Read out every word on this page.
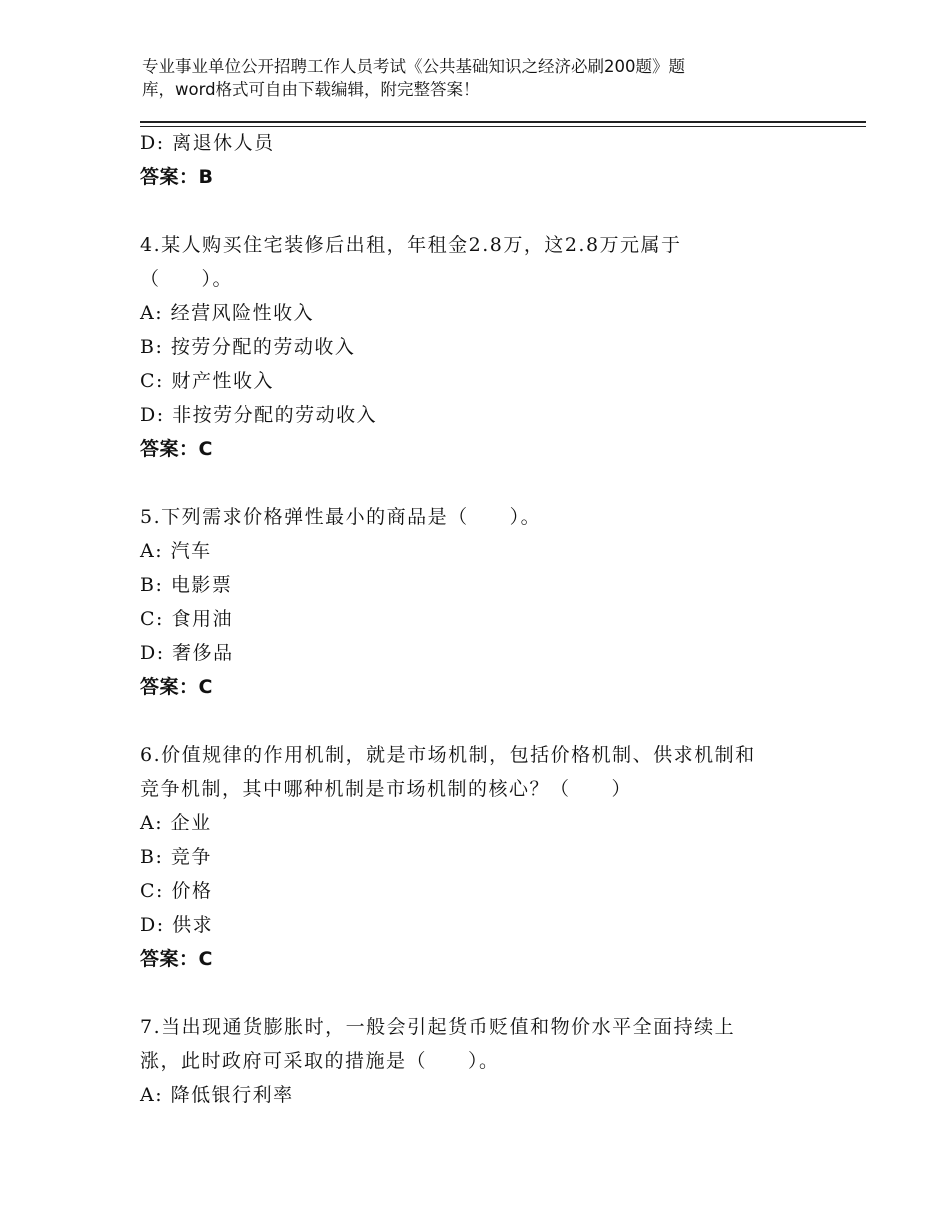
专业事业单位公开招聘工作人员考试《公共基础知识之经济必刷200题》题
库，word格式可自由下载编辑，附完整答案！
D: 离退休人员
答案：B
4.某人购买住宅装修后出租，年租金2.8万，这2.8万元属于
（　　）。
A: 经营风险性收入
B: 按劳分配的劳动收入
C: 财产性收入
D: 非按劳分配的劳动收入
答案：C
5.下列需求价格弹性最小的商品是（　　）。
A: 汽车
B: 电影票
C: 食用油
D: 奢侈品
答案：C
6.价值规律的作用机制，就是市场机制，包括价格机制、供求机制和
竞争机制，其中哪种机制是市场机制的核心？（　　）
A: 企业
B: 竞争
C: 价格
D: 供求
答案：C
7.当出现通货膨胀时，一般会引起货币贬值和物价水平全面持续上
涨，此时政府可采取的措施是（　　）。
A: 降低银行利率
